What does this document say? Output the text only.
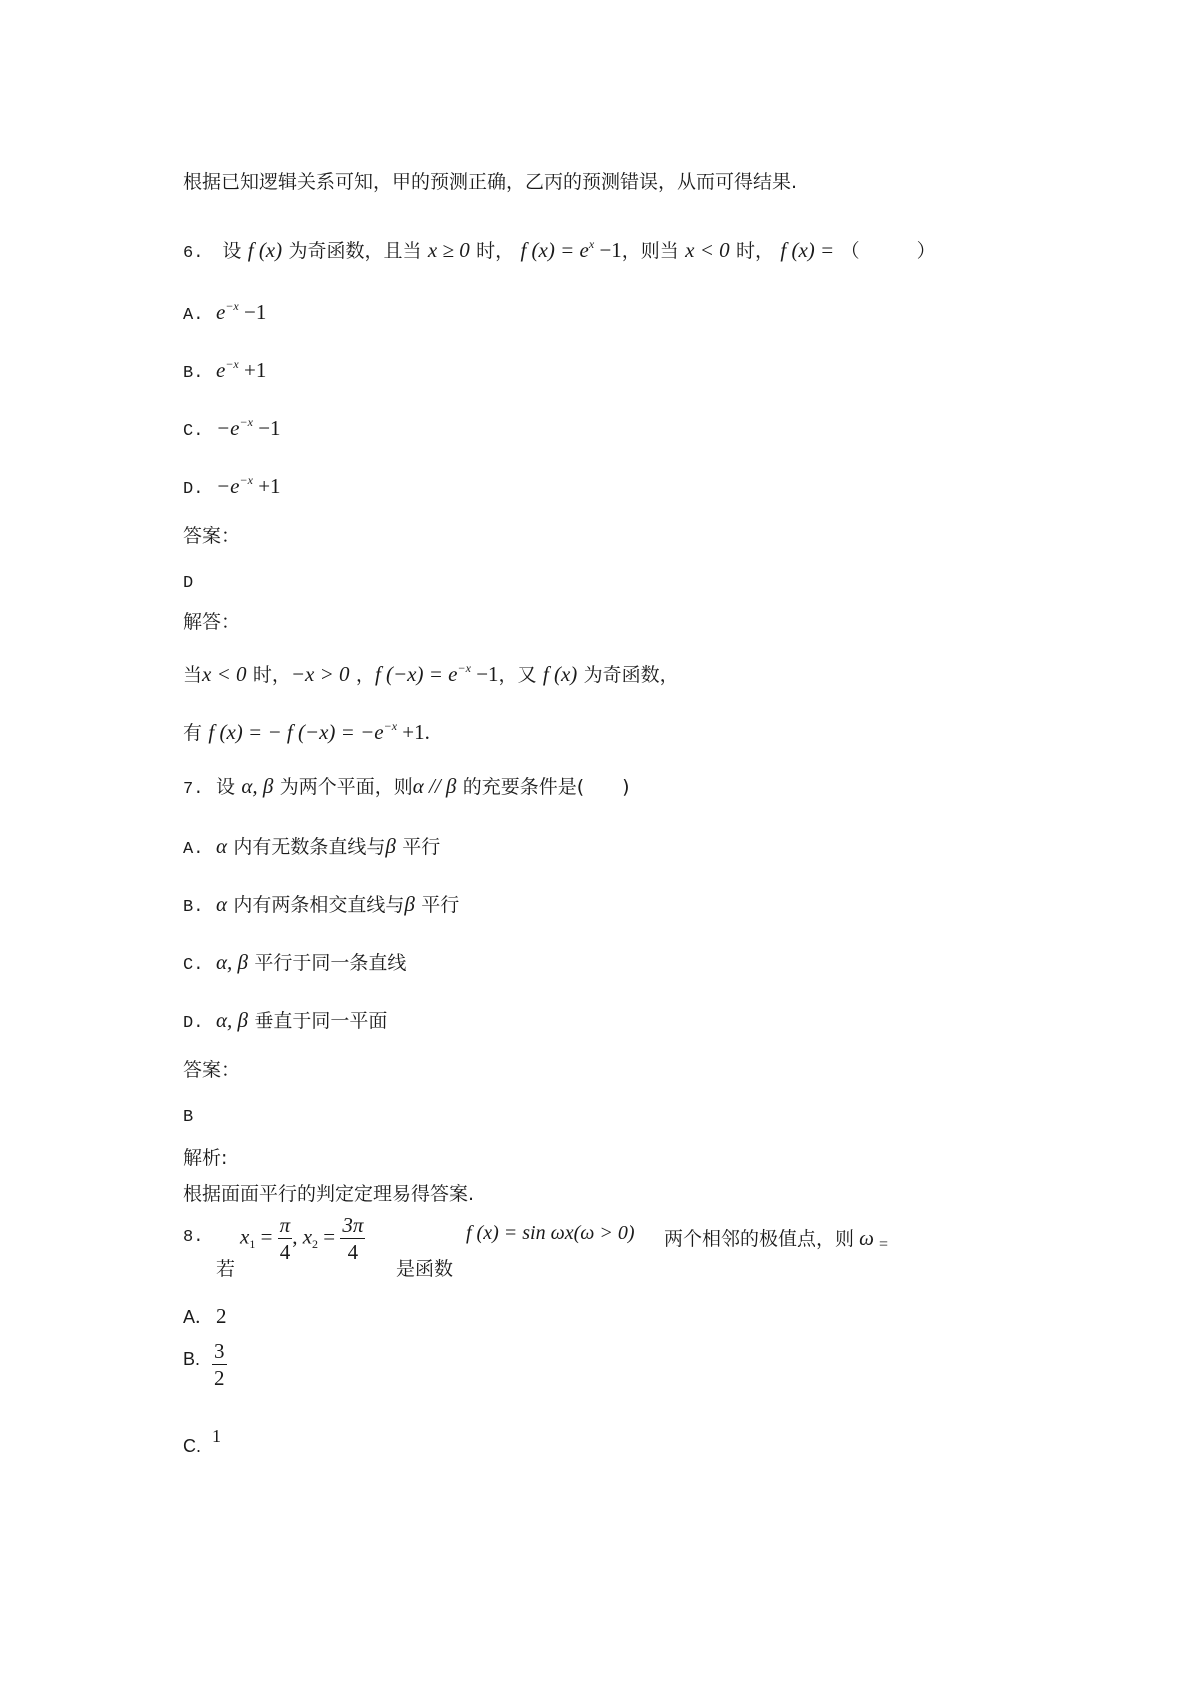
根据已知逻辑关系可知，甲的预测正确，乙丙的预测错误，从而可得结果.
6. 设 f (x) 为奇函数，且当 x ≥ 0 时， f $(x) = e^x -1$，则当 x < 0 时， f (x) = （　　　）
A. $e^{-x} -1$
B. $e^{-x} +1$
C. $-e^{-x} -1$
D. $-e^{-x} +1$
答案：
D
解答：
当x < 0 时，−x > 0 ，f $(-x) = e^{-x} -1$，又 f (x) 为奇函数，
有 f (x) = − f $(-x) = -e^{-x} +1$.
7. 设 α, β 为两个平面，则α // β 的充要条件是(　　)
A. α 内有无数条直线与β 平行
B. α 内有两条相交直线与β 平行
C. α, β 平行于同一条直线
D. α, β 垂直于同一平面
答案：
B
解析:
根据面面平行的判定定理易得答案.
8.
若
$x_1 = \frac{\pi}{4}$ , $x_2 = \frac{3\pi}{4}$
是函数
f (x) = sin ωx(ω > 0) 两个相邻的极值点，则 ω =
A． 2
B. $\frac{3}{2}$
C. 1
